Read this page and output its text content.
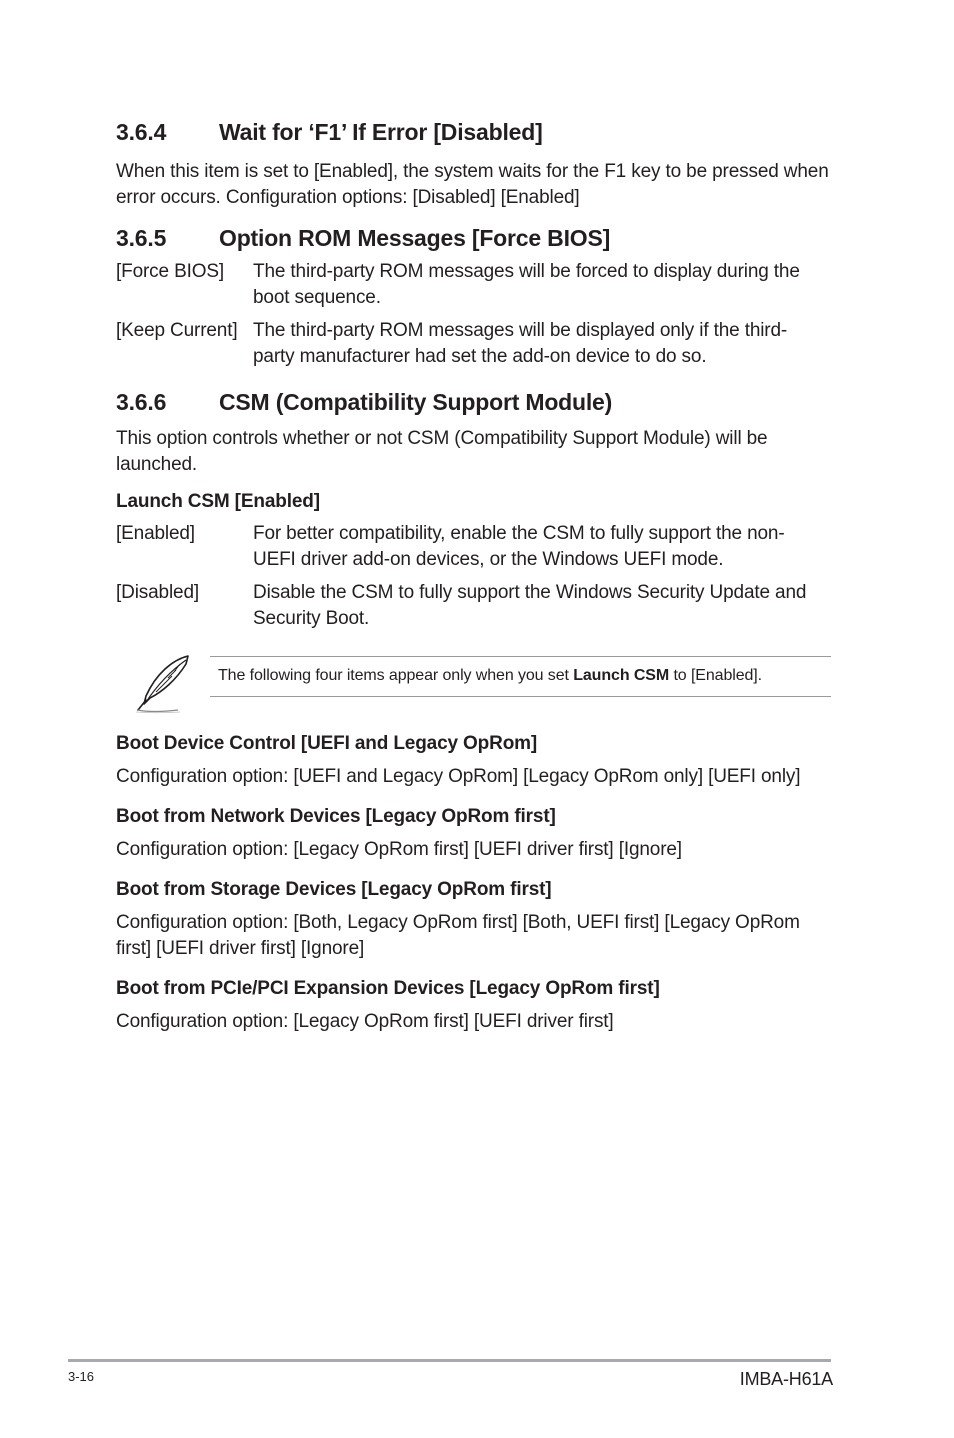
3.6.4 Wait for ‘F1’ If Error [Disabled]
When this item is set to [Enabled], the system waits for the F1 key to be pressed when error occurs. Configuration options: [Disabled] [Enabled]
3.6.5 Option ROM Messages [Force BIOS]
[Force BIOS] The third-party ROM messages will be forced to display during the boot sequence.
[Keep Current] The third-party ROM messages will be displayed only if the third-party manufacturer had set the add-on device to do so.
3.6.6 CSM (Compatibility Support Module)
This option controls whether or not CSM (Compatibility Support Module) will be launched.
Launch CSM [Enabled]
[Enabled]	For better compatibility, enable the CSM to fully support the non-UEFI driver add-on devices, or the Windows UEFI mode.
[Disabled]	Disable the CSM to fully support the Windows Security Update and Security Boot.
The following four items appear only when you set Launch CSM to [Enabled].
Boot Device Control [UEFI and Legacy OpRom]
Configuration option: [UEFI and Legacy OpRom] [Legacy OpRom only] [UEFI only]
Boot from Network Devices [Legacy OpRom first]
Configuration option: [Legacy OpRom first] [UEFI driver first] [Ignore]
Boot from Storage Devices [Legacy OpRom first]
Configuration option: [Both, Legacy OpRom first] [Both, UEFI first] [Legacy OpRom first] [UEFI driver first] [Ignore]
Boot from PCIe/PCI Expansion Devices [Legacy OpRom first]
Configuration option: [Legacy OpRom first] [UEFI driver first]
3-16	IMBA-H61A
